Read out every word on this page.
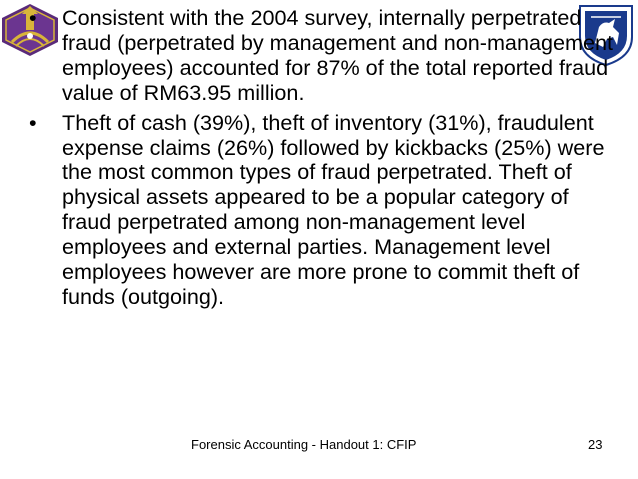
• Consistent with the 2004 survey, internally perpetrated fraud (perpetrated by management and non-management employees) accounted for 87% of the total reported fraud value of RM63.95 million.

• Theft of cash (39%), theft of inventory (31%), fraudulent expense claims (26%) followed by kickbacks (25%) were the most common types of fraud perpetrated. Theft of physical assets appeared to be a popular category of fraud perpetrated among non-management level employees and external parties. Management level employees however are more prone to commit theft of funds (outgoing).

Forensic Accounting - Handout 1: CFIP	23
